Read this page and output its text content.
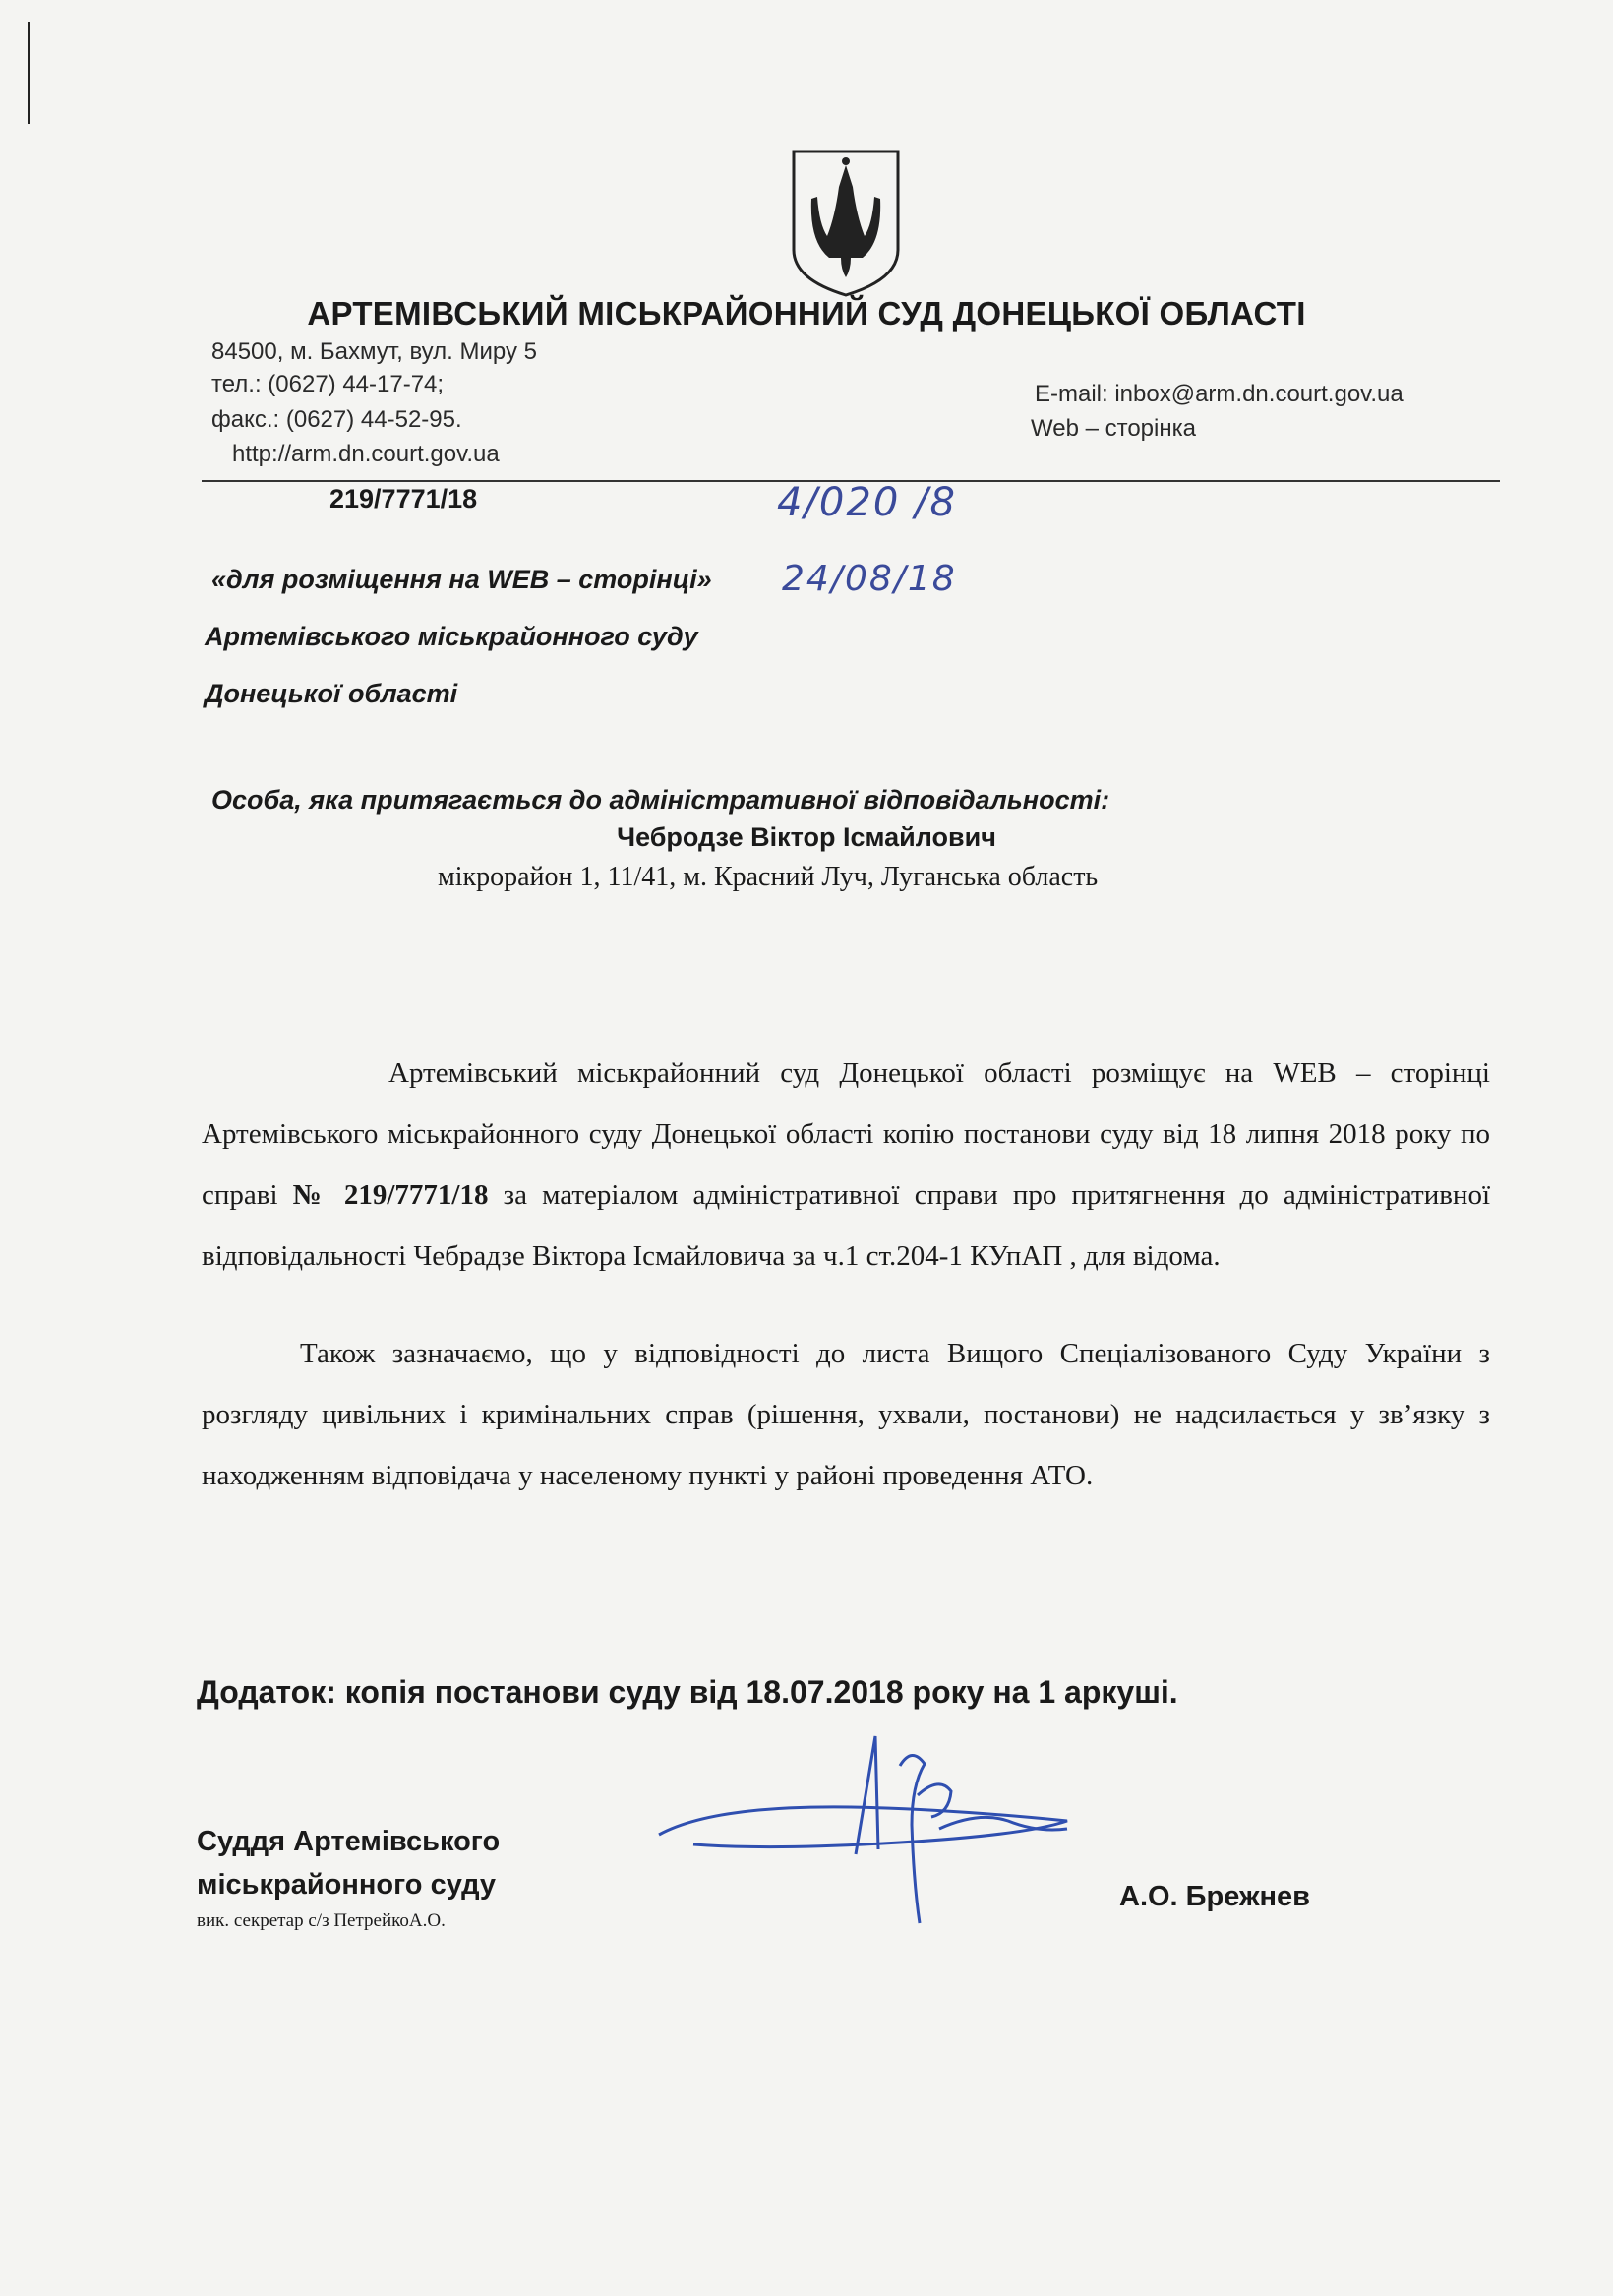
АРТЕМІВСЬКИЙ МІСЬКРАЙОННИЙ СУД ДОНЕЦЬКОЇ ОБЛАСТІ
84500, м. Бахмут, вул. Миру 5
тел.: (0627) 44-17-74;
факс.: (0627) 44-52-95.
http://arm.dn.court.gov.ua
E-mail: inbox@arm.dn.court.gov.ua
Web – сторінка
219/7771/18	4/020 /8
24/08/18
«для розміщення на WEB – сторінці»
Артемівського міськрайонного суду
Донецької області
Особа, яка притягається до адміністративної відповідальності:
Чебродзе Віктор Ісмайлович
мікрорайон 1, 11/41, м. Красний Луч, Луганська область

Артемівський міськрайонний суд Донецької області розміщує на WEB – сторінці Артемівського міськрайонного суду Донецької області копію постанови суду від 18 липня 2018 року по справі № 219/7771/18 за матеріалом адміністративної справи про притягнення до адміністративної відповідальності Чебрадзе Віктора Ісмайловича за ч.1 ст.204-1 КУпАП , для відома.

Також зазначаємо, що у відповідності до листа Вищого Спеціалізованого Суду України з розгляду цивільних і кримінальних справ (рішення, ухвали, постанови) не надсилається у зв’язку з находженням відповідача у населеному пункті у районі проведення АТО.

Додаток: копія постанови суду від 18.07.2018 року на 1 аркуші.
Суддя Артемівського
міськрайонного суду
вик. секретар с/з ПетрейкоА.О.
А.О. Брежнев
